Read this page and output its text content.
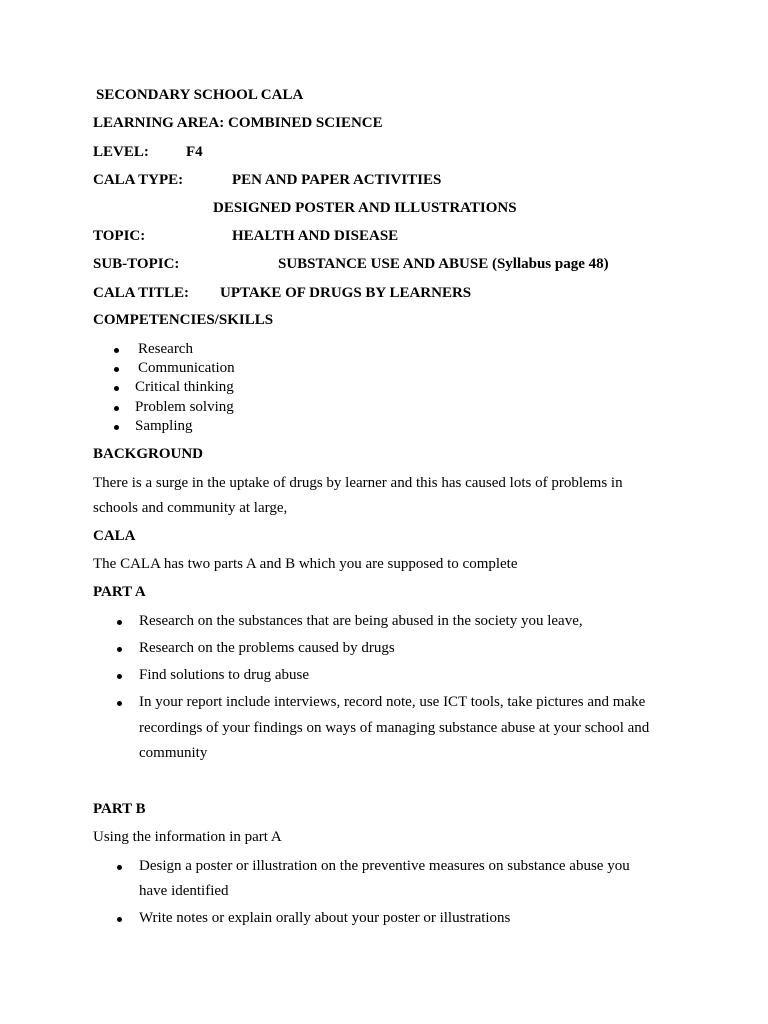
SECONDARY SCHOOL CALA
LEARNING AREA: COMBINED SCIENCE
LEVEL: F4
CALA TYPE:	PEN AND PAPER ACTIVITIES
DESIGNED POSTER AND ILLUSTRATIONS
TOPIC:	HEALTH AND DISEASE
SUB-TOPIC:	SUBSTANCE USE AND ABUSE (Syllabus page 48)
CALA TITLE: UPTAKE OF DRUGS BY LEARNERS
COMPETENCIES/SKILLS
Research
Communication
Critical thinking
Problem solving
Sampling
BACKGROUND
There is a surge in the uptake of drugs by learner and this has caused lots of problems in
schools and community at large,
CALA
The CALA has two parts A and B which you are supposed to complete
PART A
Research on the substances that are being abused in the society you leave,
Research on the problems caused by drugs
Find solutions to drug abuse
In your report include interviews, record note, use ICT tools, take pictures and make
recordings of your findings on ways of managing substance abuse at your school and
community
PART B
Using the information in part A
Design a poster or illustration on the preventive measures on substance abuse you
have identified
Write notes or explain orally about your poster or illustrations
